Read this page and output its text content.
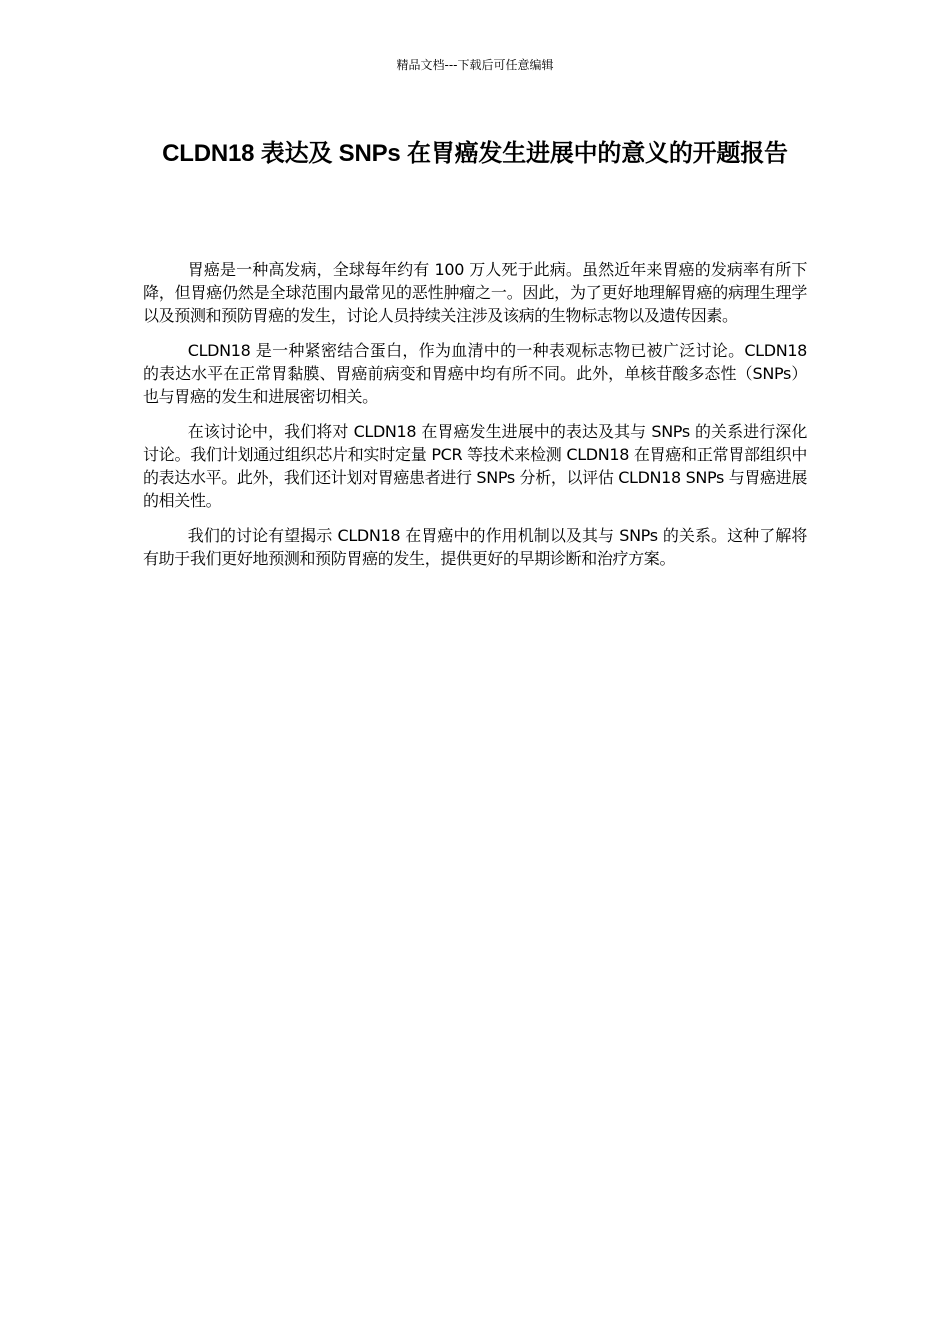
精品文档---下载后可任意编辑
CLDN18 表达及 SNPs 在胃癌发生进展中的意义的开题报告

胃癌是一种高发病，全球每年约有 100 万人死于此病。虽然近年来胃癌的发病率有所下降，但胃癌仍然是全球范围内最常见的恶性肿瘤之一。因此，为了更好地理解胃癌的病理生理学以及预测和预防胃癌的发生，讨论人员持续关注涉及该病的生物标志物以及遗传因素。

CLDN18 是一种紧密结合蛋白，作为血清中的一种表观标志物已被广泛讨论。CLDN18 的表达水平在正常胃黏膜、胃癌前病变和胃癌中均有所不同。此外，单核苷酸多态性（SNPs）也与胃癌的发生和进展密切相关。

在该讨论中，我们将对 CLDN18 在胃癌发生进展中的表达及其与 SNPs 的关系进行深化讨论。我们计划通过组织芯片和实时定量 PCR 等技术来检测 CLDN18 在胃癌和正常胃部组织中的表达水平。此外，我们还计划对胃癌患者进行 SNPs 分析，以评估 CLDN18 SNPs 与胃癌进展的相关性。

我们的讨论有望揭示 CLDN18 在胃癌中的作用机制以及其与 SNPs 的关系。这种了解将有助于我们更好地预测和预防胃癌的发生，提供更好的早期诊断和治疗方案。
